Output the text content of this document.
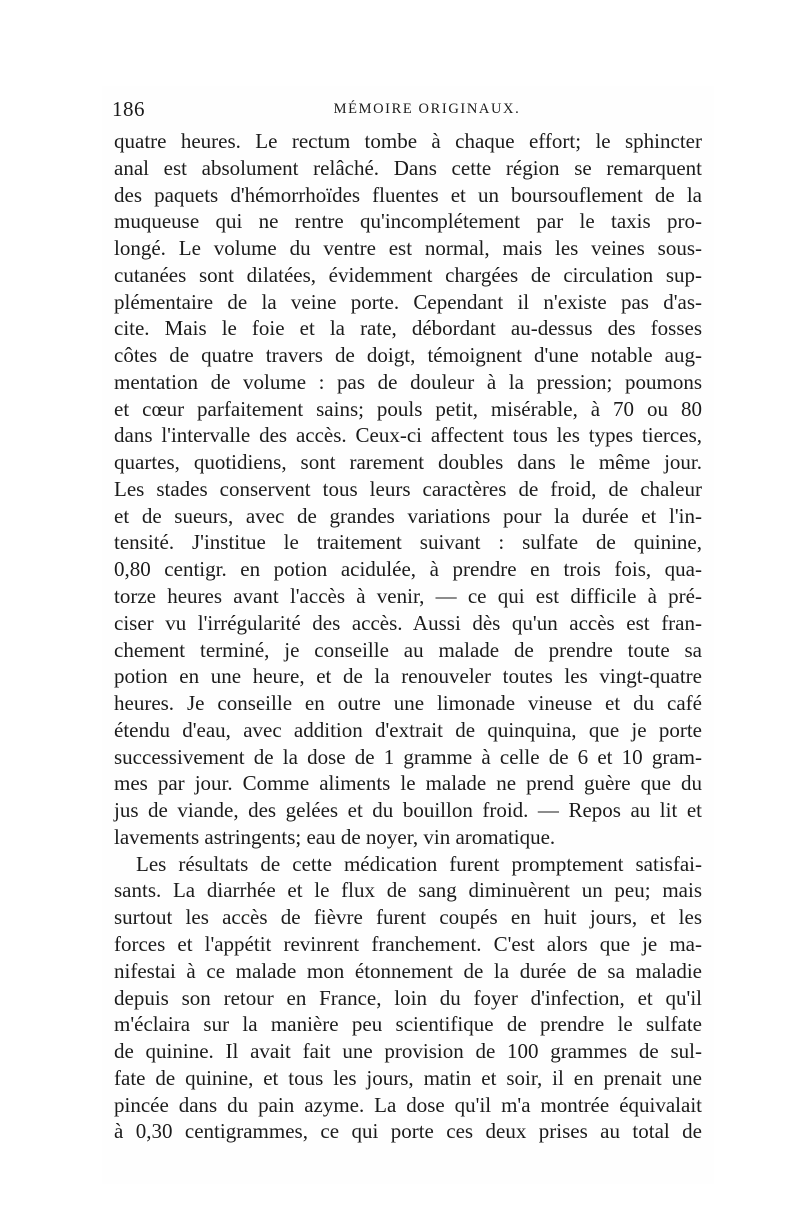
186	MÉMOIRE ORIGINAUX.
quatre heures. Le rectum tombe à chaque effort; le sphincter
anal est absolument relâché. Dans cette région se remarquent
des paquets d'hémorrhoïdes fluentes et un boursouflement de la
muqueuse qui ne rentre qu'incomplétement par le taxis pro-
longé. Le volume du ventre est normal, mais les veines sous-
cutanées sont dilatées, évidemment chargées de circulation sup-
plémentaire de la veine porte. Cependant il n'existe pas d'as-
cite. Mais le foie et la rate, débordant au-dessus des fosses
côtes de quatre travers de doigt, témoignent d'une notable aug-
mentation de volume : pas de douleur à la pression; poumons
et cœur parfaitement sains; pouls petit, misérable, à 70 ou 80
dans l'intervalle des accès. Ceux-ci affectent tous les types tierces,
quartes, quotidiens, sont rarement doubles dans le même jour.
Les stades conservent tous leurs caractères de froid, de chaleur
et de sueurs, avec de grandes variations pour la durée et l'in-
tensité. J'institue le traitement suivant : sulfate de quinine,
0,80 centigr. en potion acidulée, à prendre en trois fois, qua-
torze heures avant l'accès à venir, — ce qui est difficile à pré-
ciser vu l'irrégularité des accès. Aussi dès qu'un accès est fran-
chement terminé, je conseille au malade de prendre toute sa
potion en une heure, et de la renouveler toutes les vingt-quatre
heures. Je conseille en outre une limonade vineuse et du café
étendu d'eau, avec addition d'extrait de quinquina, que je porte
successivement de la dose de 1 gramme à celle de 6 et 10 gram-
mes par jour. Comme aliments le malade ne prend guère que du
jus de viande, des gelées et du bouillon froid. — Repos au lit et
lavements astringents; eau de noyer, vin aromatique.
Les résultats de cette médication furent promptement satisfai-
sants. La diarrhée et le flux de sang diminuèrent un peu; mais
surtout les accès de fièvre furent coupés en huit jours, et les
forces et l'appétit revinrent franchement. C'est alors que je ma-
nifestai à ce malade mon étonnement de la durée de sa maladie
depuis son retour en France, loin du foyer d'infection, et qu'il
m'éclaira sur la manière peu scientifique de prendre le sulfate
de quinine. Il avait fait une provision de 100 grammes de sul-
fate de quinine, et tous les jours, matin et soir, il en prenait une
pincée dans du pain azyme. La dose qu'il m'a montrée équivalait
à 0,30 centigrammes, ce qui porte ces deux prises au total de
